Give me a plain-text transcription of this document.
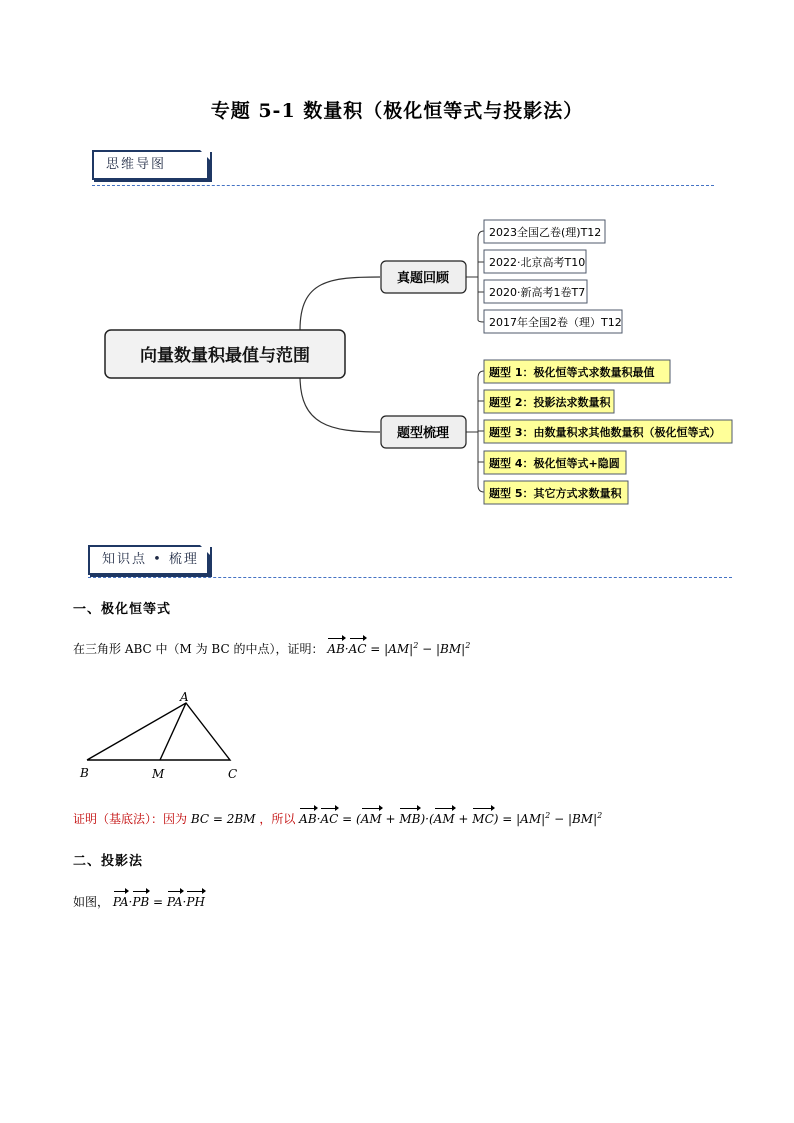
专题 5-1 数量积（极化恒等式与投影法）
思维导图
向量数量积最值与范围
真题回顾
题型梳理
2023全国乙卷(理)T12
2022·北京高考T10
2020·新高考1卷T7
2017年全国2卷（理）T12
题型 1：极化恒等式求数量积最值
题型 2：投影法求数量积
题型 3：由数量积求其他数量积（极化恒等式）
题型 4：极化恒等式+隐圆
题型 5：其它方式求数量积
知识点 • 梳理
一、极化恒等式
在三角形 ABC 中（M 为 BC 的中点），证明： $AB\cdot AC = |AM|^2 - |BM|^2$
A
B	M	C
证明（基底法）：因为 BC = 2BM ，所以 $AB\cdot AC = (AM + MB)\cdot(AM + MC) = |AM|^2 - |BM|^2$
二、投影法
如图， PA·PB = PA·PH
